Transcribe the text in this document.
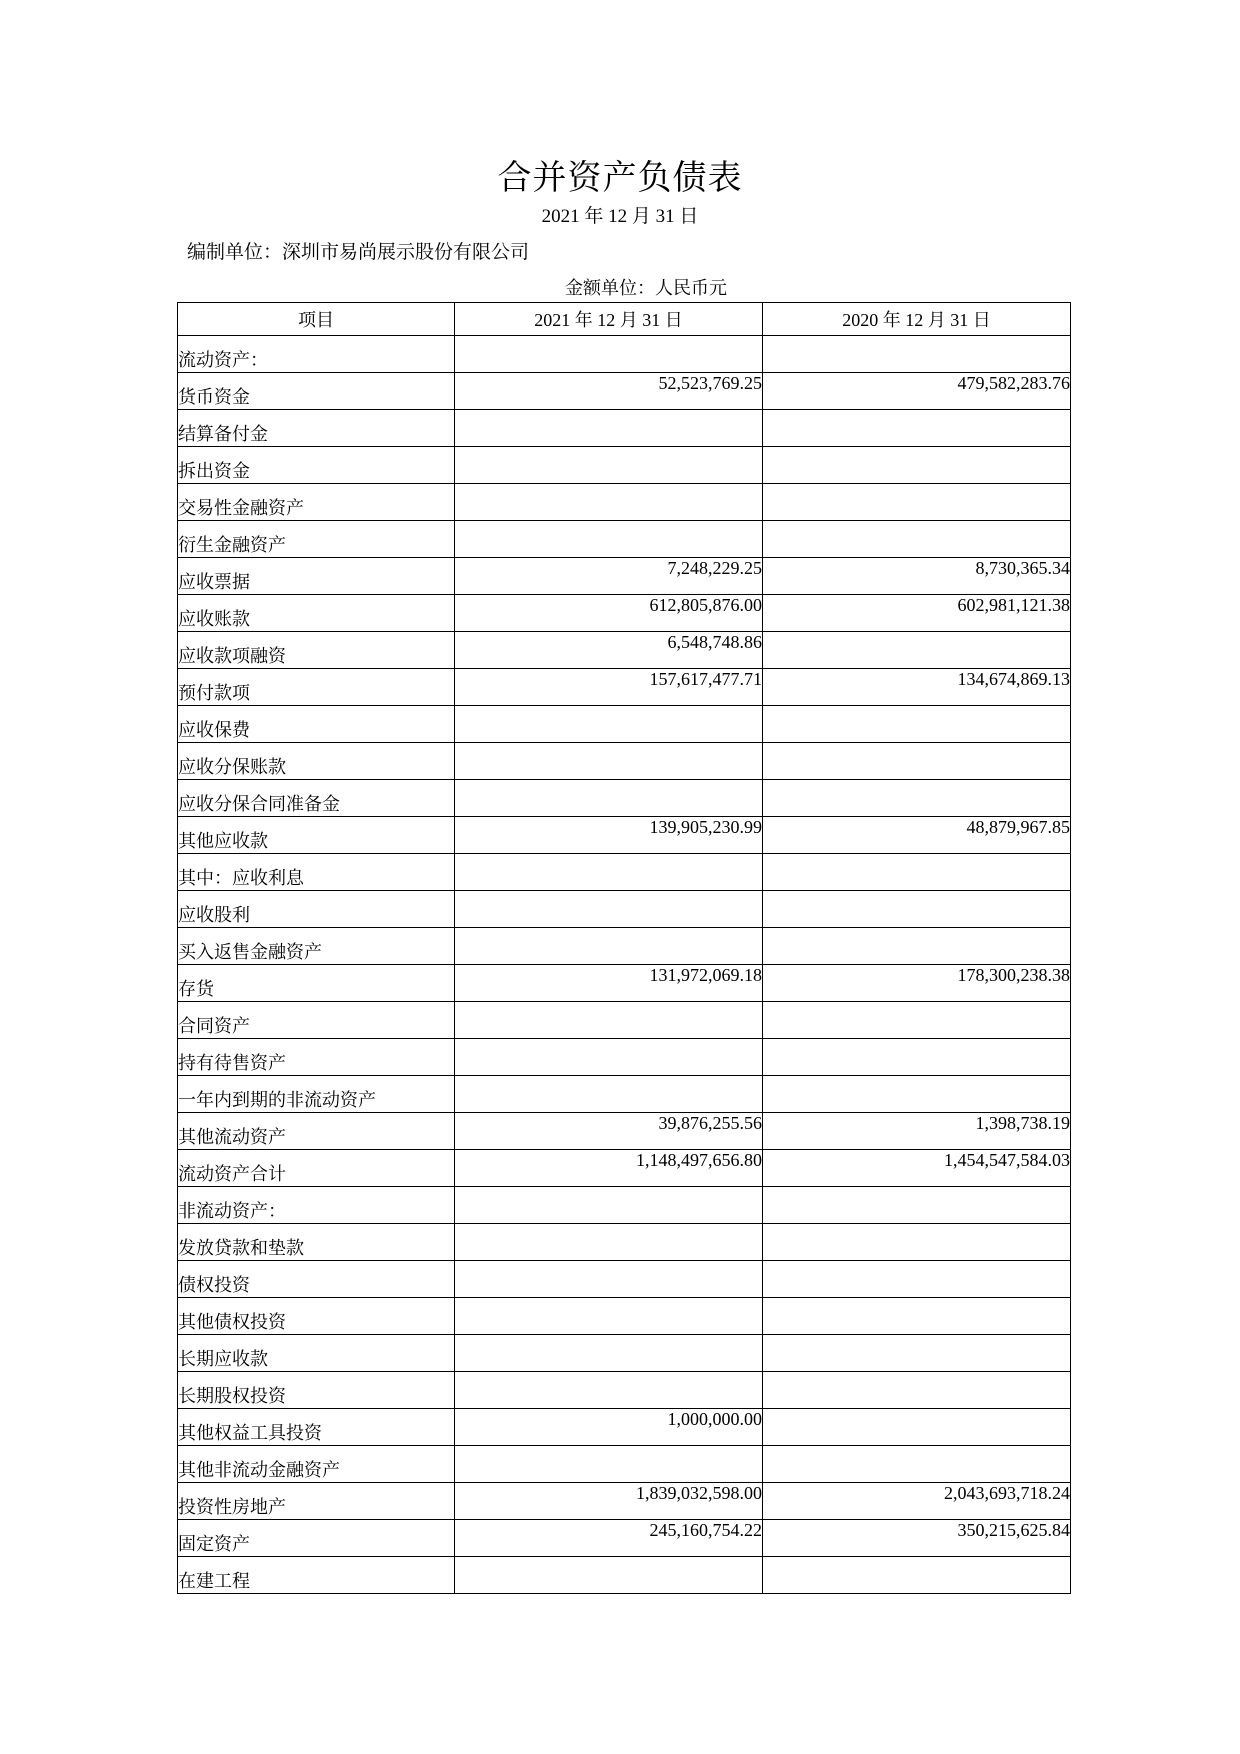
合并资产负债表
2021 年 12 月 31 日
编制单位：深圳市易尚展示股份有限公司
金额单位：人民币元
项目	2021 年 12 月 31 日	2020 年 12 月 31 日
流动资产：		
货币资金	52,523,769.25	479,582,283.76
结算备付金		
拆出资金		
交易性金融资产		
衍生金融资产		
应收票据	7,248,229.25	8,730,365.34
应收账款	612,805,876.00	602,981,121.38
应收款项融资	6,548,748.86	
预付款项	157,617,477.71	134,674,869.13
应收保费		
应收分保账款		
应收分保合同准备金		
其他应收款	139,905,230.99	48,879,967.85
其中：应收利息		
应收股利		
买入返售金融资产		
存货	131,972,069.18	178,300,238.38
合同资产		
持有待售资产		
一年内到期的非流动资产		
其他流动资产	39,876,255.56	1,398,738.19
流动资产合计	1,148,497,656.80	1,454,547,584.03
非流动资产：		
发放贷款和垫款		
债权投资		
其他债权投资		
长期应收款		
长期股权投资		
其他权益工具投资	1,000,000.00	
其他非流动金融资产		
投资性房地产	1,839,032,598.00	2,043,693,718.24
固定资产	245,160,754.22	350,215,625.84
在建工程		
